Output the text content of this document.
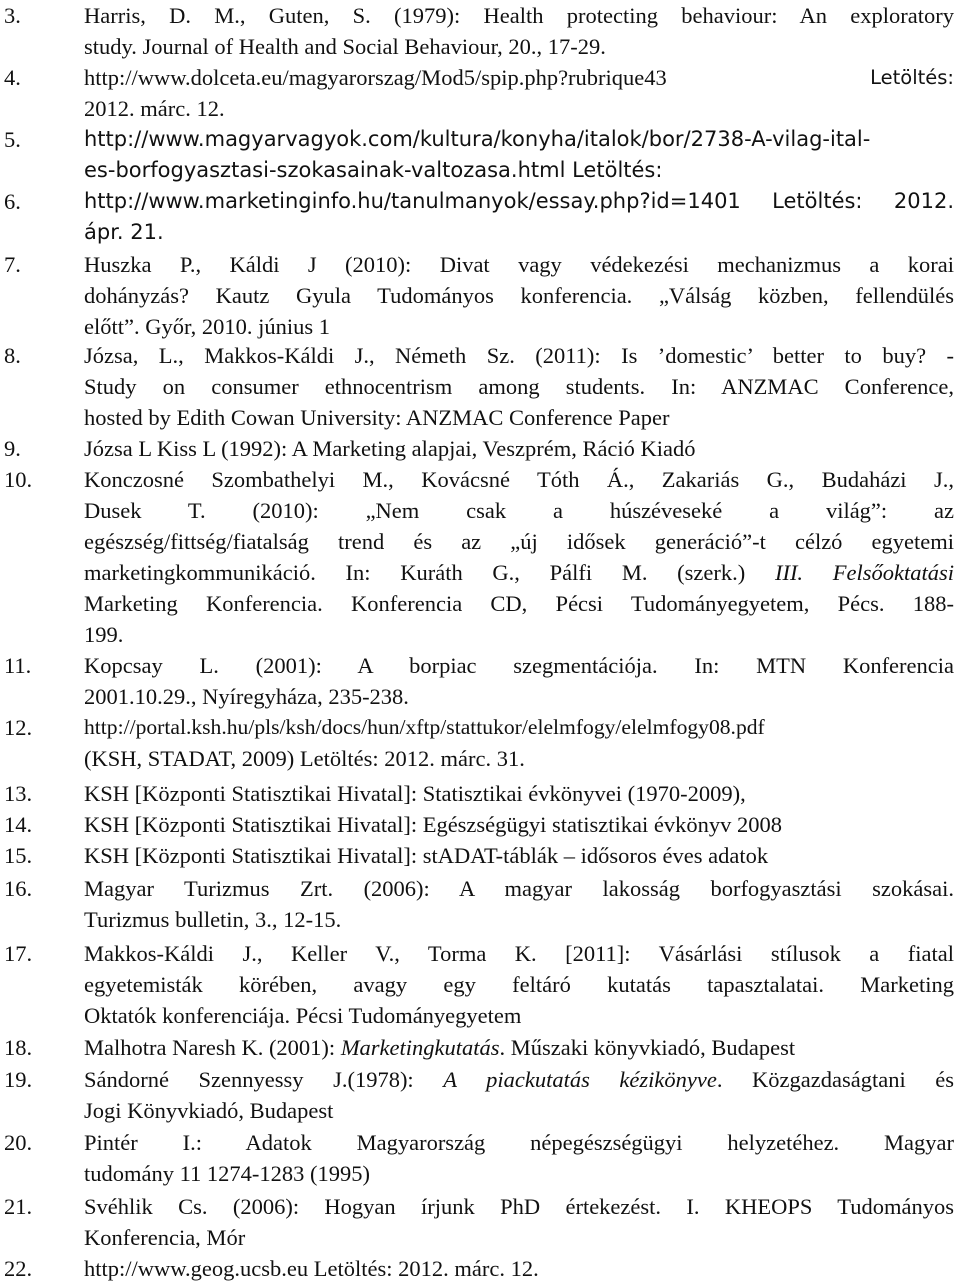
3.	Harris, D. M., Guten, S. (1979): Health protecting behaviour: An exploratory
study. Journal of Health and Social Behaviour, 20., 17-29.
4.	http://www.dolceta.eu/magyarorszag/Mod5/spip.php?rubrique43	Letöltés:
2012. márc. 12.
5.	http://www.magyarvagyok.com/kultura/konyha/italok/bor/2738-A-vilag-ital-
es-borfogyasztasi-szokasainak-valtozasa.html Letöltés:
6.	http://www.marketinginfo.hu/tanulmanyok/essay.php?id=1401 Letöltés: 2012.
ápr. 21.
7.	Huszka P., Káldi J (2010): Divat vagy védekezési mechanizmus a korai
dohányzás? Kautz Gyula Tudományos konferencia. „Válság közben, fellendülés
előtt”. Győr, 2010. június 1
8.	Józsa, L., Makkos-Káldi J., Németh Sz. (2011): Is ’domestic’ better to buy? -
Study on consumer ethnocentrism among students. In: ANZMAC Conference,
hosted by Edith Cowan University: ANZMAC Conference Paper
9.	Józsa L Kiss L (1992): A Marketing alapjai, Veszprém, Ráció Kiadó
10. Konczosné Szombathelyi M., Kovácsné Tóth Á., Zakariás G., Budaházi J.,
Dusek T. (2010): „Nem csak a húszéveseké a világ”: az
egészség/fittség/fiatalság trend és az „új idősek generáció”-t célzó egyetemi
marketingkommunikáció. In: Kuráth G., Pálfi M. (szerk.) III. Felsőoktatási
Marketing Konferencia. Konferencia CD, Pécsi Tudományegyetem, Pécs. 188-
199.
11. Kopcsay L. (2001): A borpiac szegmentációja. In: MTN Konferencia
2001.10.29., Nyíregyháza, 235-238.
12. http://portal.ksh.hu/pls/ksh/docs/hun/xftp/stattukor/elelmfogy/elelmfogy08.pdf
(KSH, STADAT, 2009) Letöltés: 2012. márc. 31.
13. KSH [Központi Statisztikai Hivatal]: Statisztikai évkönyvei (1970-2009),
14. KSH [Központi Statisztikai Hivatal]: Egészségügyi statisztikai évkönyv 2008
15. KSH [Központi Statisztikai Hivatal]: stADAT-táblák – idősoros éves adatok
16. Magyar Turizmus Zrt. (2006): A magyar lakosság borfogyasztási szokásai.
Turizmus bulletin, 3., 12-15.
17. Makkos-Káldi J., Keller V., Torma K. [2011]: Vásárlási stílusok a fiatal
egyetemisták körében, avagy egy feltáró kutatás tapasztalatai. Marketing
Oktatók konferenciája. Pécsi Tudományegyetem
18. Malhotra Naresh K. (2001): Marketingkutatás. Műszaki könyvkiadó, Budapest
19. Sándorné Szennyessy J.(1978): A piackutatás kézikönyve. Közgazdaságtani és
Jogi Könyvkiadó, Budapest
20. Pintér I.: Adatok Magyarország népegészségügyi helyzetéhez. Magyar
tudomány 11 1274-1283 (1995)
21. Svéhlik Cs. (2006): Hogyan írjunk PhD értekezést. I. KHEOPS Tudományos
Konferencia, Mór
22. http://www.geog.ucsb.eu Letöltés: 2012. márc. 12.
